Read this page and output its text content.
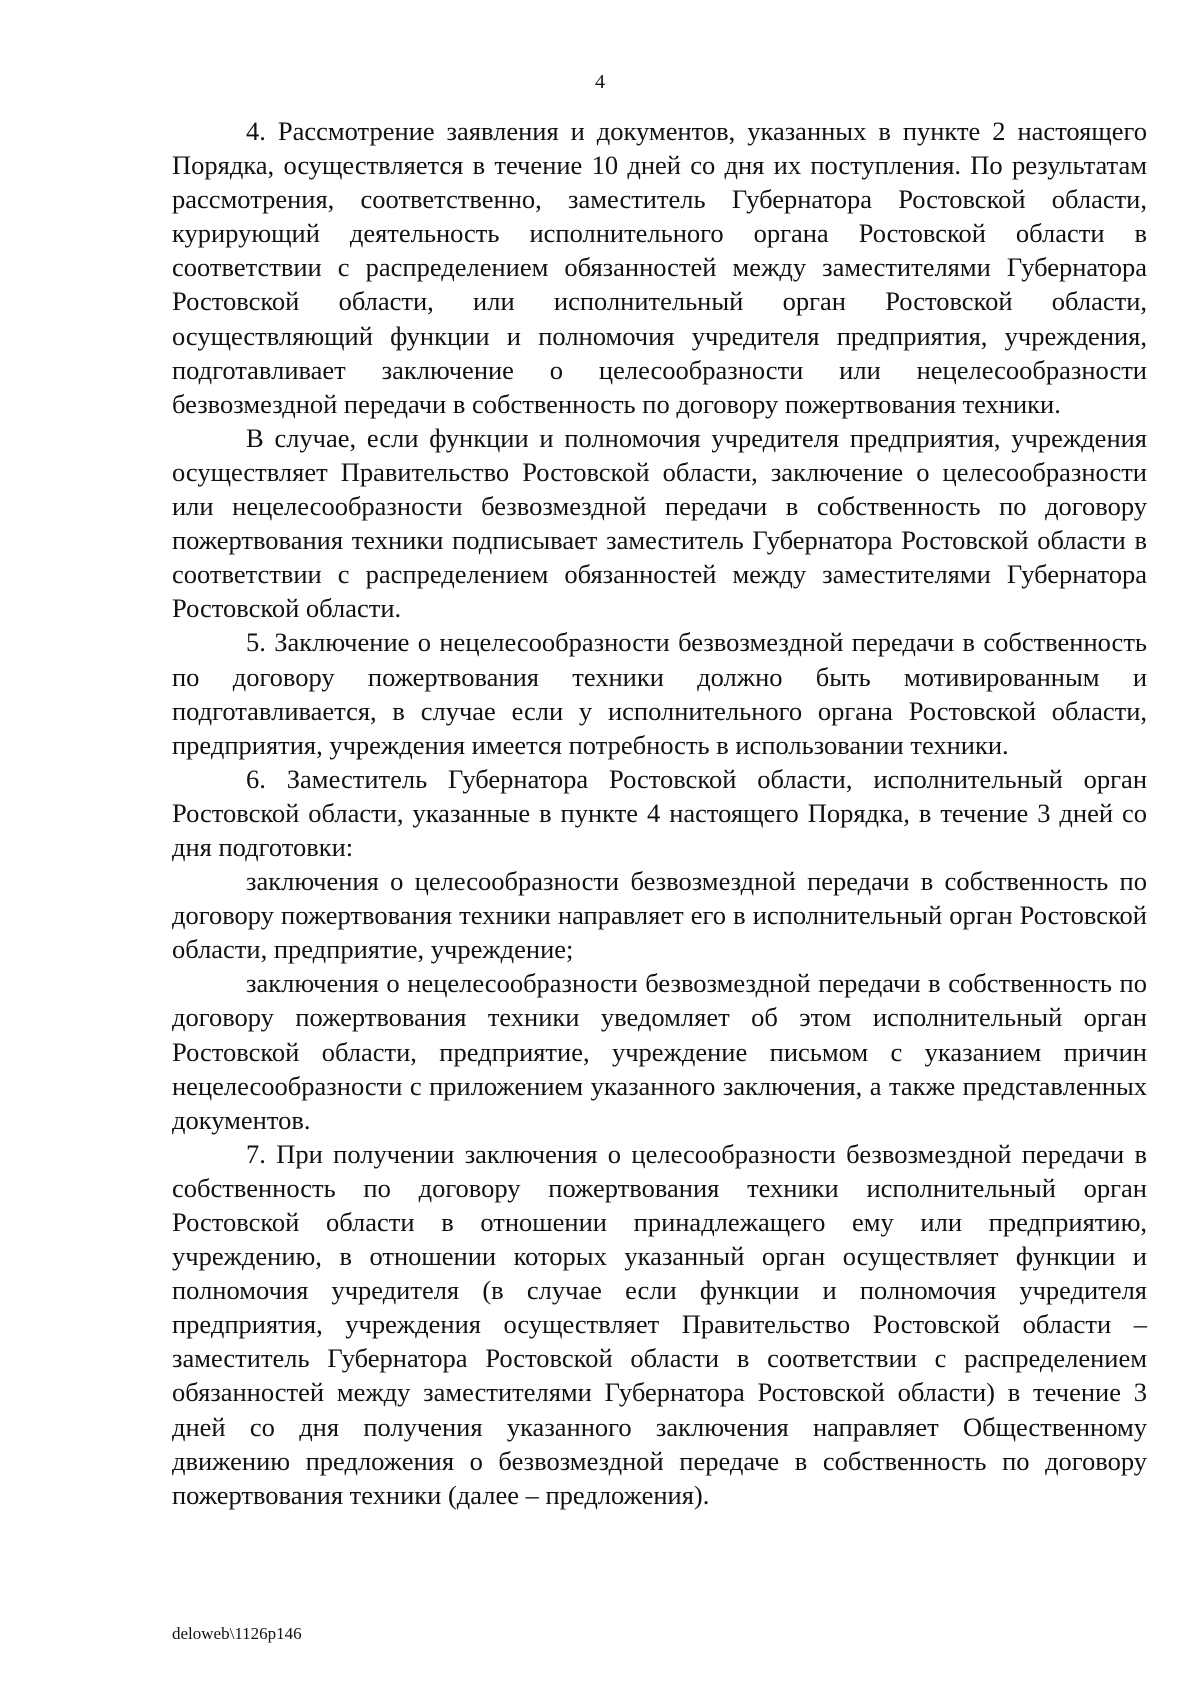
4

4. Рассмотрение заявления и документов, указанных в пункте 2 настоящего Порядка, осуществляется в течение 10 дней со дня их поступления. По результатам рассмотрения, соответственно, заместитель Губернатора Ростовской области, курирующий деятельность исполнительного органа Ростовской области в соответствии с распределением обязанностей между заместителями Губернатора Ростовской области, или исполнительный орган Ростовской области, осуществляющий функции и полномочия учредителя предприятия, учреждения, подготавливает заключение о целесообразности или нецелесообразности безвозмездной передачи в собственность по договору пожертвования техники.

В случае, если функции и полномочия учредителя предприятия, учреждения осуществляет Правительство Ростовской области, заключение о целесообразности или нецелесообразности безвозмездной передачи в собственность по договору пожертвования техники подписывает заместитель Губернатора Ростовской области в соответствии с распределением обязанностей между заместителями Губернатора Ростовской области.

5. Заключение о нецелесообразности безвозмездной передачи в собственность по договору пожертвования техники должно быть мотивированным и подготавливается, в случае если у исполнительного органа Ростовской области, предприятия, учреждения имеется потребность в использовании техники.

6. Заместитель Губернатора Ростовской области, исполнительный орган Ростовской области, указанные в пункте 4 настоящего Порядка, в течение 3 дней со дня подготовки:

заключения о целесообразности безвозмездной передачи в собственность по договору пожертвования техники направляет его в исполнительный орган Ростовской области, предприятие, учреждение;

заключения о нецелесообразности безвозмездной передачи в собственность по договору пожертвования техники уведомляет об этом исполнительный орган Ростовской области, предприятие, учреждение письмом с указанием причин нецелесообразности с приложением указанного заключения, а также представленных документов.

7. При получении заключения о целесообразности безвозмездной передачи в собственность по договору пожертвования техники исполнительный орган Ростовской области в отношении принадлежащего ему или предприятию, учреждению, в отношении которых указанный орган осуществляет функции и полномочия учредителя (в случае если функции и полномочия учредителя предприятия, учреждения осуществляет Правительство Ростовской области – заместитель Губернатора Ростовской области в соответствии с распределением обязанностей между заместителями Губернатора Ростовской области) в течение 3 дней со дня получения указанного заключения направляет Общественному движению предложения о безвозмездной передаче в собственность по договору пожертвования техники (далее – предложения).

deloweb\1126p146
